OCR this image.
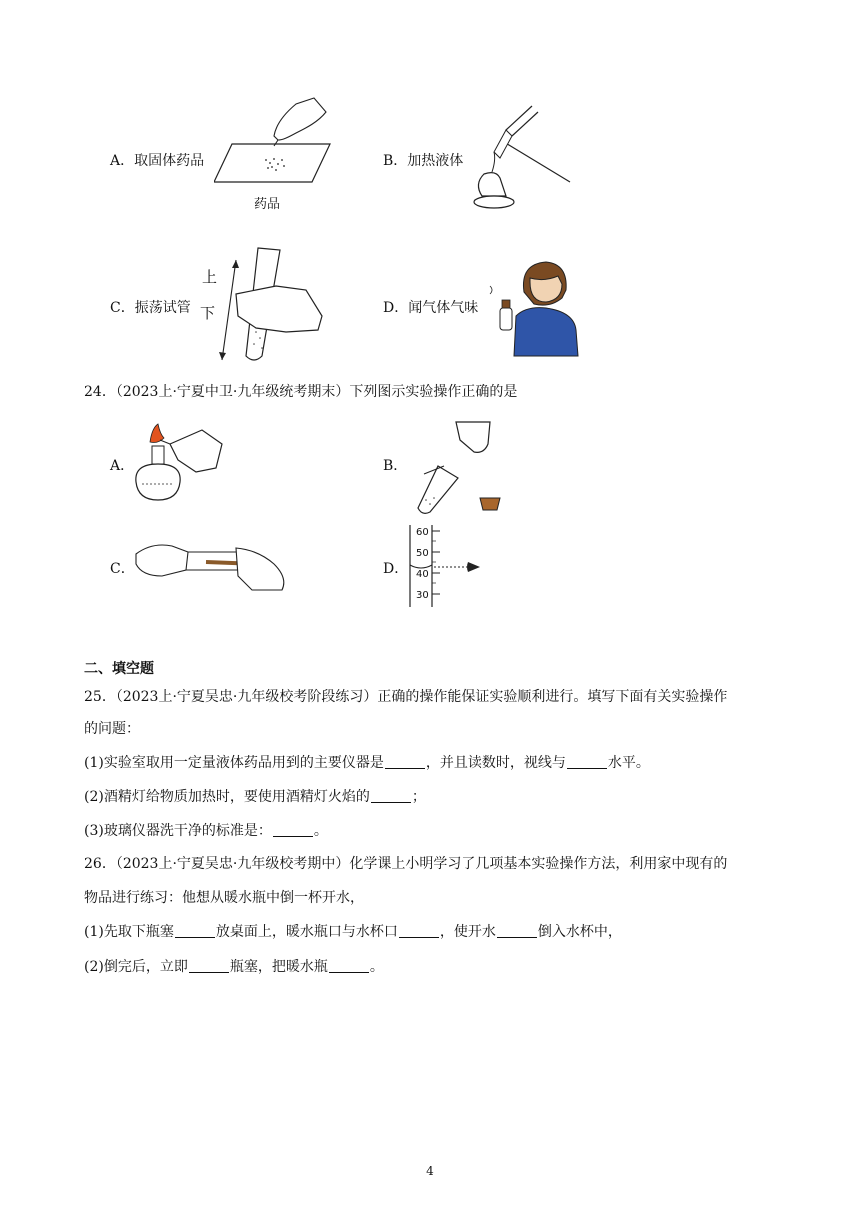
A．取固体药品
药品
B．加热液体
C．振荡试管
上
下	D．闻气体气味
24．（2023上·宁夏中卫·九年级统考期末）下列图示实验操作正确的是
A．	B．
C．	D．
60
50
40
30
二、填空题
25．（2023上·宁夏吴忠·九年级校考阶段练习）正确的操作能保证实验顺利进行。填写下面有关实验操作
的问题：
(1)实验室取用一定量液体药品用到的主要仪器是	，并且读数时，视线与	水平。
(2)酒精灯给物质加热时，要使用酒精灯火焰的	；
(3)玻璃仪器洗干净的标准是：	。
26．（2023上·宁夏吴忠·九年级校考期中）化学课上小明学习了几项基本实验操作方法，利用家中现有的
物品进行练习：他想从暖水瓶中倒一杯开水，
(1)先取下瓶塞	放桌面上，暖水瓶口与水杯口	，使开水	倒入水杯中，
(2)倒完后，立即	瓶塞，把暖水瓶	。
4
